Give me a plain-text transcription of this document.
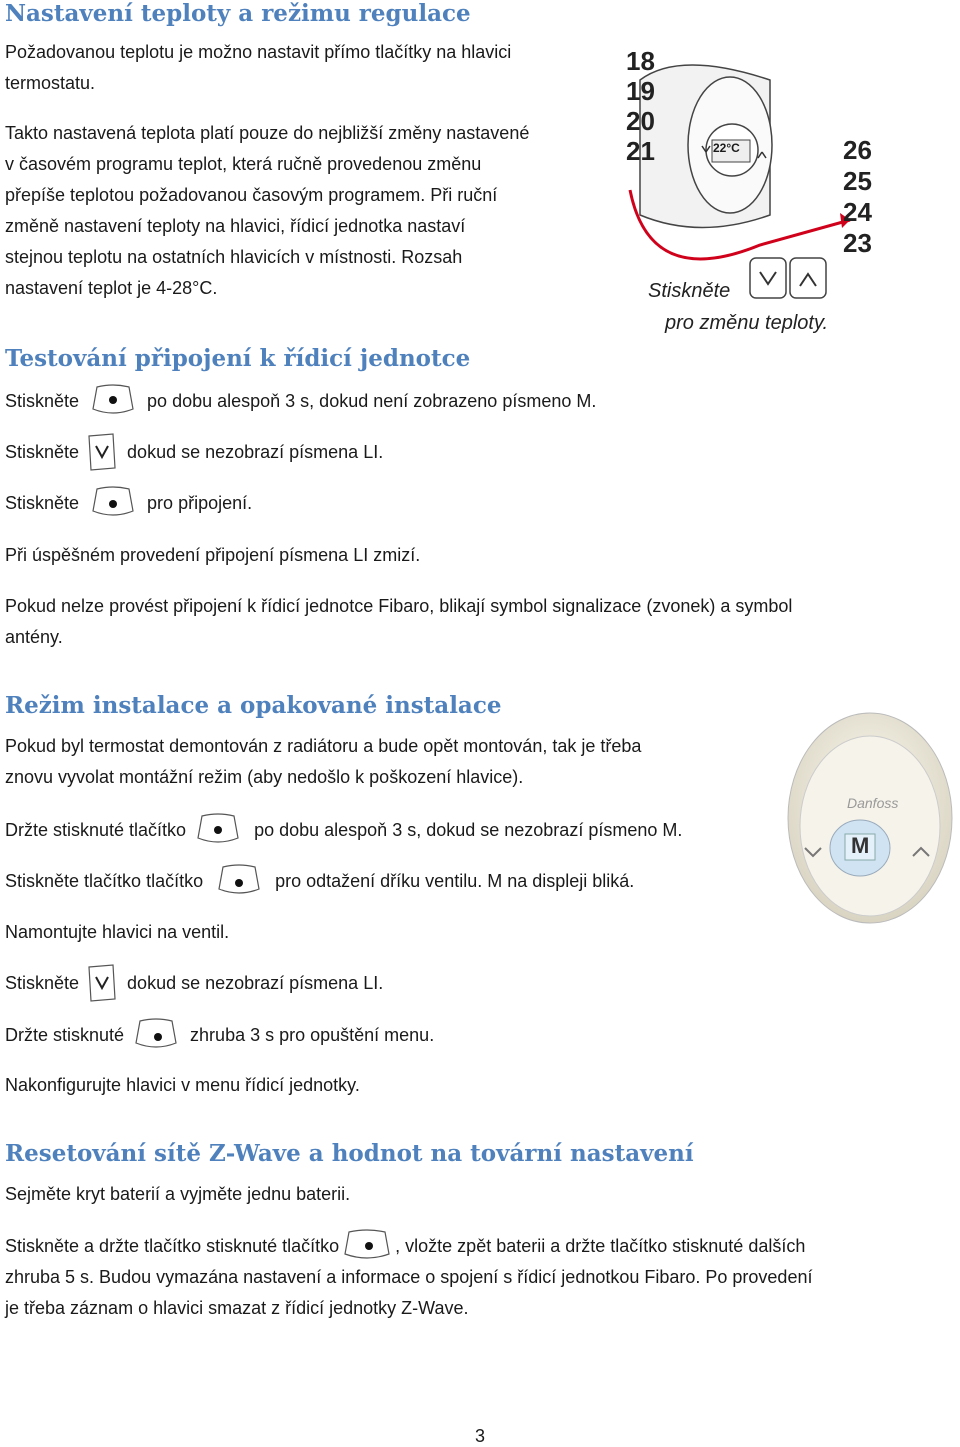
Nastavení teploty a režimu regulace

Požadovanou teplotu je možno nastavit přímo tlačítky na hlavici

termostatu.

Takto nastavená teplota platí pouze do nejbližší změny nastavené

v časovém programu teplot, která ručně provedenou změnu

přepíše teplotou požadovanou časovým programem. Při ruční

změně nastavení teploty na hlavici, řídicí jednotka nastaví

stejnou teplotu na ostatních hlavicích v místnosti. Rozsah

nastavení teplot je 4-28°C.

18
19
20
21	26
25
24
23
22°C
Stiskněte
pro změnu teploty.
Testování připojení k řídicí jednotce
Stiskněte	po dobu alespoň 3 s, dokud není zobrazeno písmeno M.
Stiskněte	dokud se nezobrazí písmena LI.
Stiskněte	pro připojení.

Při úspěšném provedení připojení písmena LI zmizí.

Pokud nelze provést připojení k řídicí jednotce Fibaro, blikají symbol signalizace (zvonek) a symbol

antény.

Režim instalace a opakované instalace

Pokud byl termostat demontován z radiátoru a bude opět montován, tak je třeba

znovu vyvolat montážní režim (aby nedošlo k poškození hlavice).

Danfoss
M
Držte stisknuté tlačítko	po dobu alespoň 3 s, dokud se nezobrazí písmeno M.
Stiskněte tlačítko tlačítko	pro odtažení dříku ventilu. M na displeji bliká.

Namontujte hlavici na ventil.

Stiskněte	dokud se nezobrazí písmena LI.
Držte stisknuté	zhruba 3 s pro opuštění menu.

Nakonfigurujte hlavici v menu řídicí jednotky.

Resetování sítě Z-Wave a hodnot na tovární nastavení

Sejměte kryt baterií a vyjměte jednu baterii.

Stiskněte a držte tlačítko stisknuté tlačítko	, vložte zpět baterii a držte tlačítko stisknuté dalších

zhruba 5 s. Budou vymazána nastavení a informace o spojení s řídicí jednotkou Fibaro. Po provedení

je třeba záznam o hlavici smazat z řídicí jednotky Z-Wave.

3
